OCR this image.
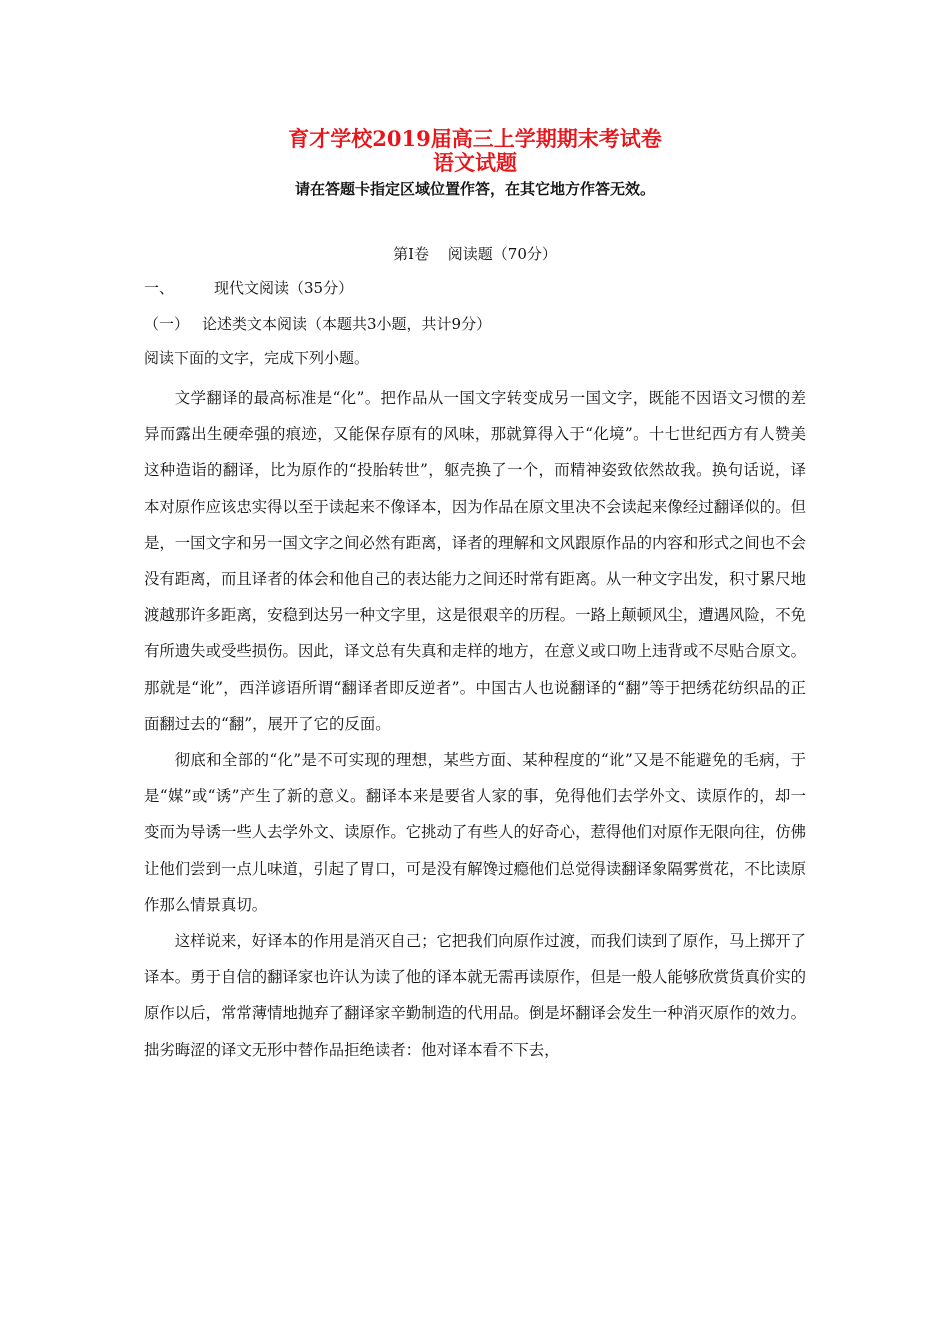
育才学校2019届高三上学期期末考试卷
语文试题
请在答题卡指定区域位置作答，在其它地方作答无效。
第Ⅰ卷 阅读题（70分）
一、	现代文阅读（35分）
（一） 论述类文本阅读（本题共3小题，共计9分）
阅读下面的文字，完成下列小题。

文学翻译的最高标准是“化”。把作品从一国文字转变成另一国文字，既能不因语文习惯的差异而露出生硬牵强的痕迹，又能保存原有的风味，那就算得入于“化境”。十七世纪西方有人赞美这种造诣的翻译，比为原作的“投胎转世”，躯壳换了一个，而精神姿致依然故我。换句话说，译本对原作应该忠实得以至于读起来不像译本，因为作品在原文里决不会读起来像经过翻译似的。但是，一国文字和另一国文字之间必然有距离，译者的理解和文风跟原作品的内容和形式之间也不会没有距离，而且译者的体会和他自己的表达能力之间还时常有距离。从一种文字出发，积寸累尺地渡越那许多距离，安稳到达另一种文字里，这是很艰辛的历程。一路上颠顿风尘，遭遇风险，不免有所遗失或受些损伤。因此，译文总有失真和走样的地方，在意义或口吻上违背或不尽贴合原文。那就是“讹”，西洋谚语所谓“翻译者即反逆者”。中国古人也说翻译的“翻”等于把绣花纺织品的正面翻过去的“翻”，展开了它的反面。

彻底和全部的“化”是不可实现的理想，某些方面、某种程度的“讹”又是不能避免的毛病，于是“媒”或“诱”产生了新的意义。翻译本来是要省人家的事，免得他们去学外文、读原作的，却一变而为导诱一些人去学外文、读原作。它挑动了有些人的好奇心，惹得他们对原作无限向往，仿佛让他们尝到一点儿味道，引起了胃口，可是没有解馋过瘾他们总觉得读翻译象隔雾赏花，不比读原作那么情景真切。

这样说来，好译本的作用是消灭自己；它把我们向原作过渡，而我们读到了原作，马上掷开了译本。勇于自信的翻译家也许认为读了他的译本就无需再读原作，但是一般人能够欣赏货真价实的原作以后，常常薄情地抛弃了翻译家辛勤制造的代用品。倒是坏翻译会发生一种消灭原作的效力。拙劣晦涩的译文无形中替作品拒绝读者：他对译本看不下去，
